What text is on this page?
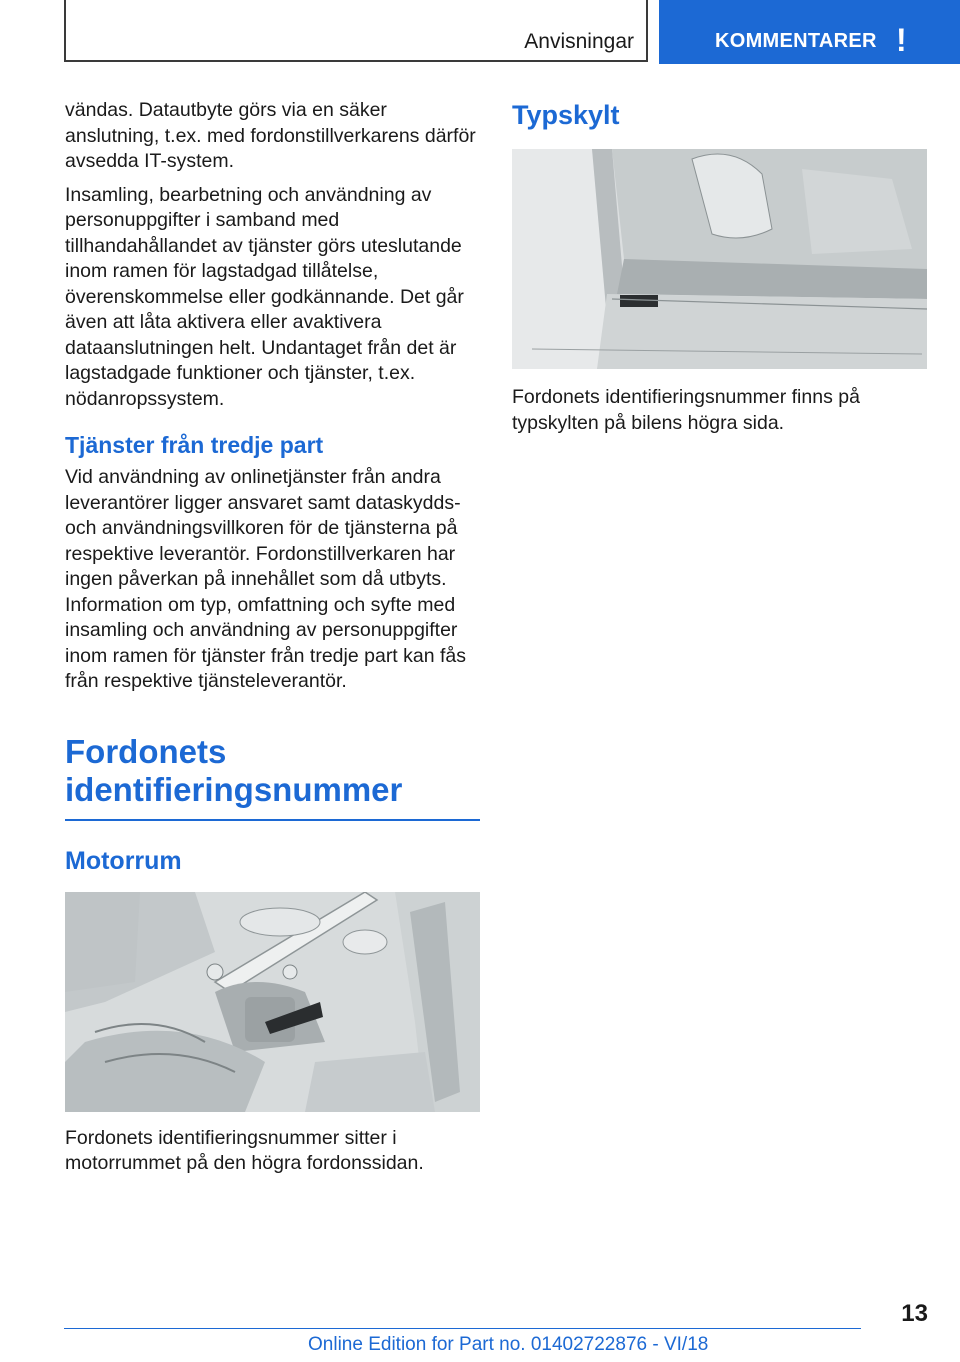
Anvisningar	KOMMENTARER !

vändas. Datautbyte görs via en säker anslutning, t.ex. med fordonstillverkarens därför avsedda IT-system.

Insamling, bearbetning och användning av personuppgifter i samband med tillhandahållandet av tjänster görs uteslutande inom ramen för lagstadgad tillåtelse, överenskommelse eller godkännande. Det går även att låta aktivera eller avaktivera dataanslutningen helt. Undantaget från det är lagstadgade funktioner och tjänster, t.ex. nödanropssystem.

Tjänster från tredje part

Vid användning av onlinetjänster från andra leverantörer ligger ansvaret samt dataskydds- och användningsvillkoren för de tjänsterna på respektive leverantör. Fordonstillverkaren har ingen påverkan på innehållet som då utbyts. Information om typ, omfattning och syfte med insamling och användning av personuppgifter inom ramen för tjänster från tredje part kan fås från respektive tjänsteleverantör.

Fordonets identifieringsnummer
Motorrum

Fordonets identifieringsnummer sitter i motorrummet på den högra fordonssidan.

Typskylt

Fordonets identifieringsnummer finns på typskylten på bilens högra sida.

13
Online Edition for Part no. 01402722876 - VI/18
